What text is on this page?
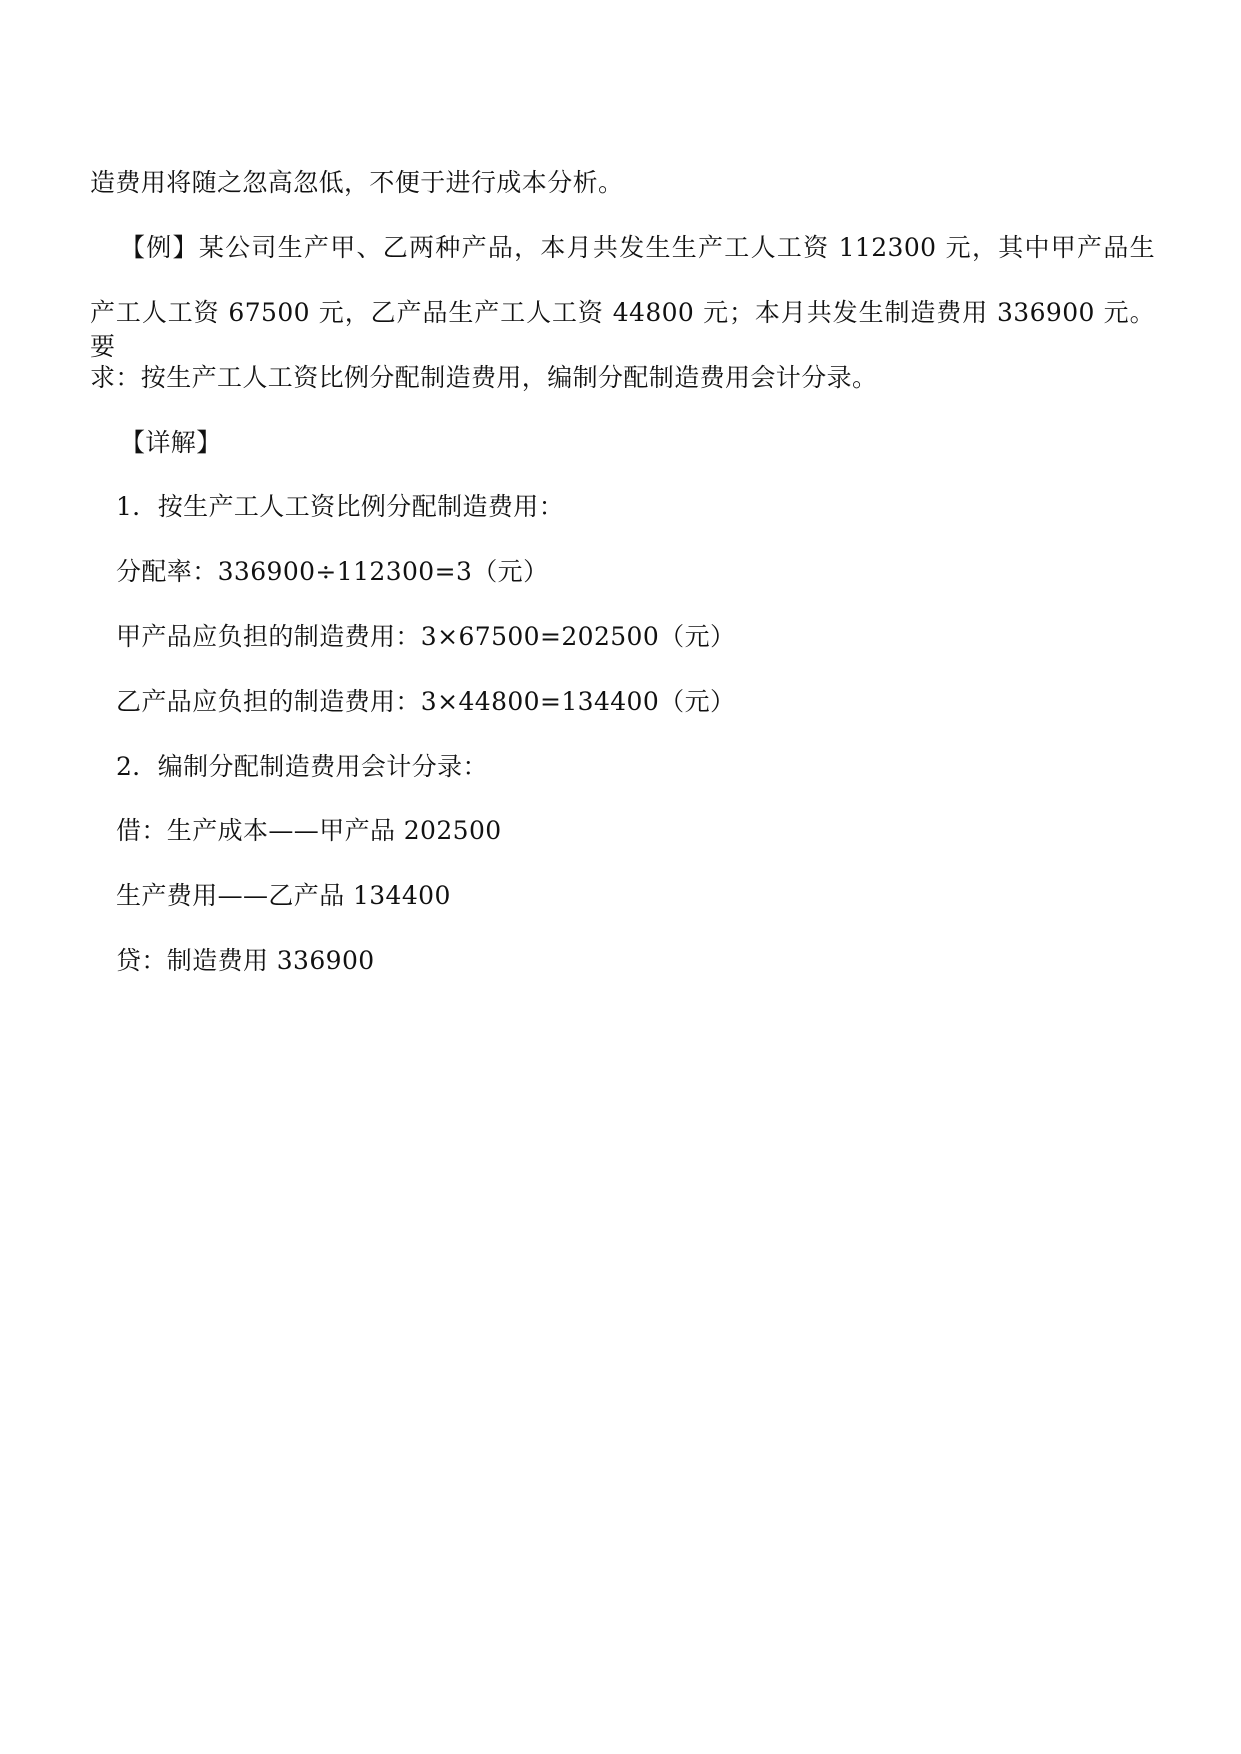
造费用将随之忽高忽低，不便于进行成本分析。
【例】某公司生产甲、乙两种产品，本月共发生生产工人工资 112300 元，其中甲产品生
产工人工资 67500 元，乙产品生产工人工资 44800 元；本月共发生制造费用 336900 元。要
求：按生产工人工资比例分配制造费用，编制分配制造费用会计分录。
【详解】
1．按生产工人工资比例分配制造费用：
分配率：336900÷112300=3（元）
甲产品应负担的制造费用：3×67500=202500（元）
乙产品应负担的制造费用：3×44800=134400（元）
2．编制分配制造费用会计分录：
借：生产成本——甲产品 202500
生产费用——乙产品 134400
贷：制造费用 336900
